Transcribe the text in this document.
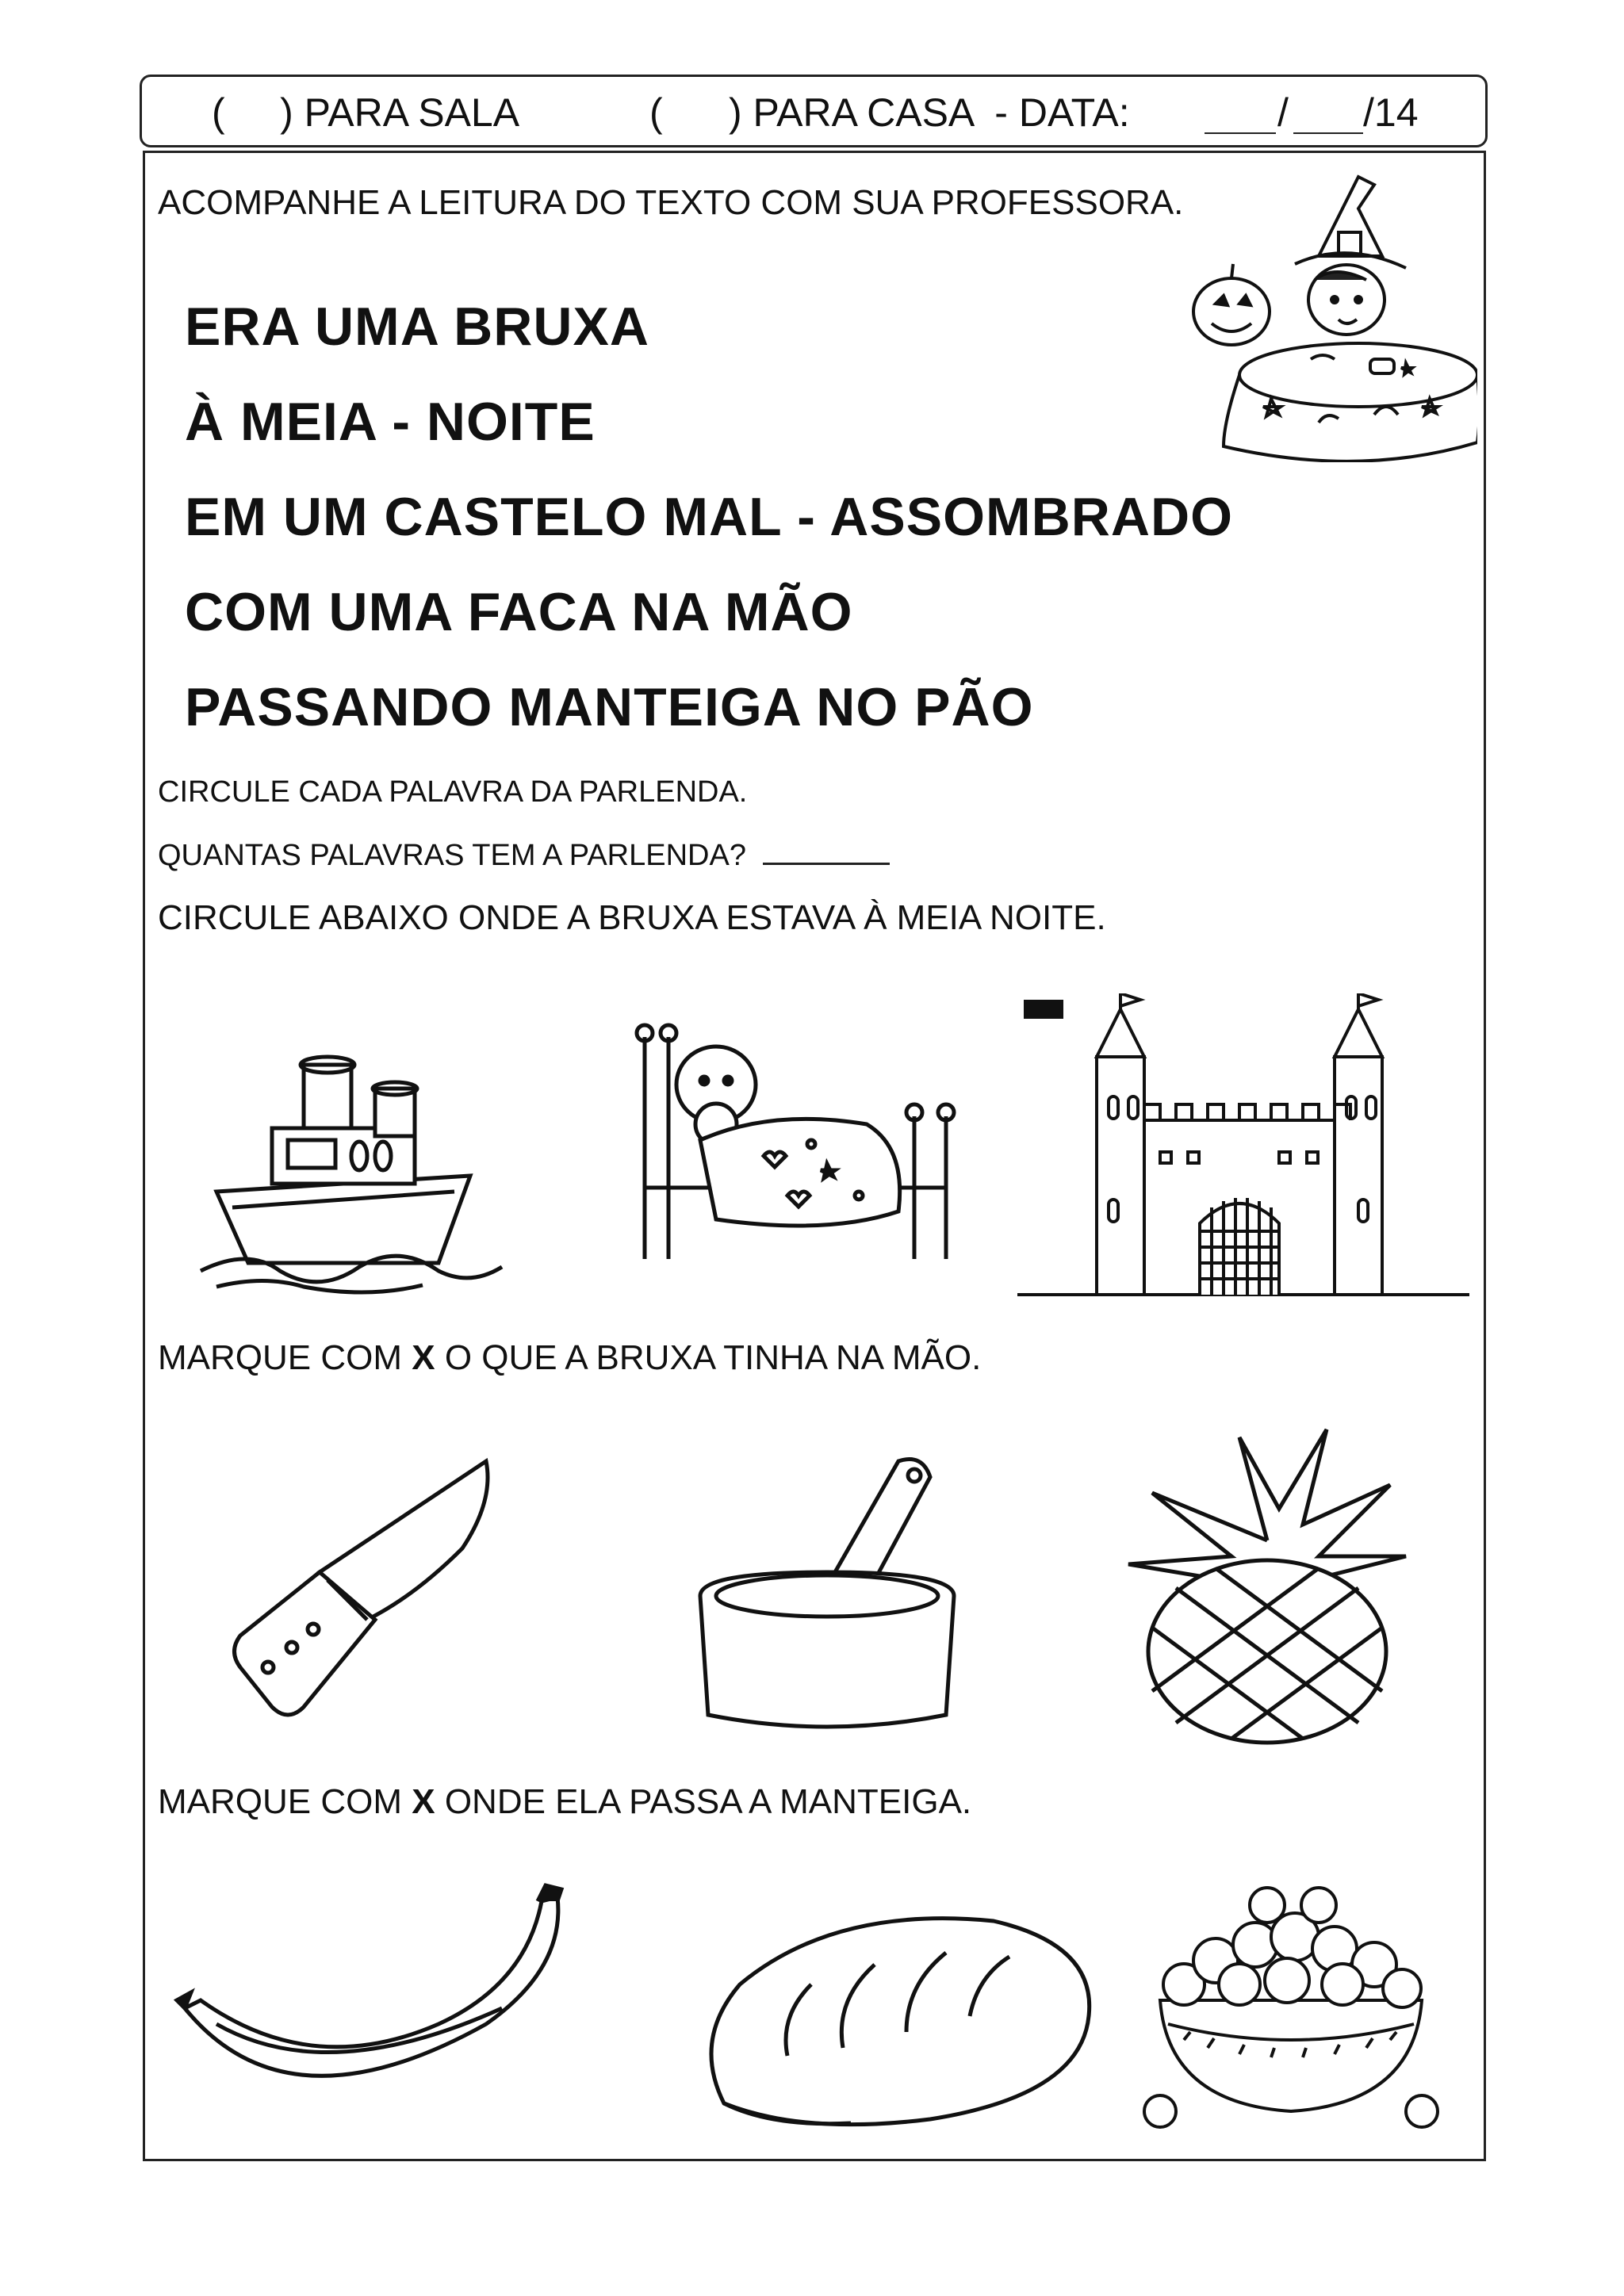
(     ) PARA SALA	(      ) PARA CASA  - DATA:	/ /14
ACOMPANHE A LEITURA DO TEXTO COM SUA PROFESSORA.
ERA UMA BRUXA
À MEIA - NOITE
EM UM CASTELO MAL - ASSOMBRADO
COM UMA FACA NA MÃO
PASSANDO MANTEIGA NO PÃO
CIRCULE CADA PALAVRA DA PARLENDA.
QUANTAS PALAVRAS TEM A PARLENDA?
CIRCULE ABAIXO ONDE A BRUXA ESTAVA À MEIA NOITE.
MARQUE COM X O QUE A BRUXA TINHA NA MÃO.
MARQUE COM X ONDE ELA PASSA A MANTEIGA.
